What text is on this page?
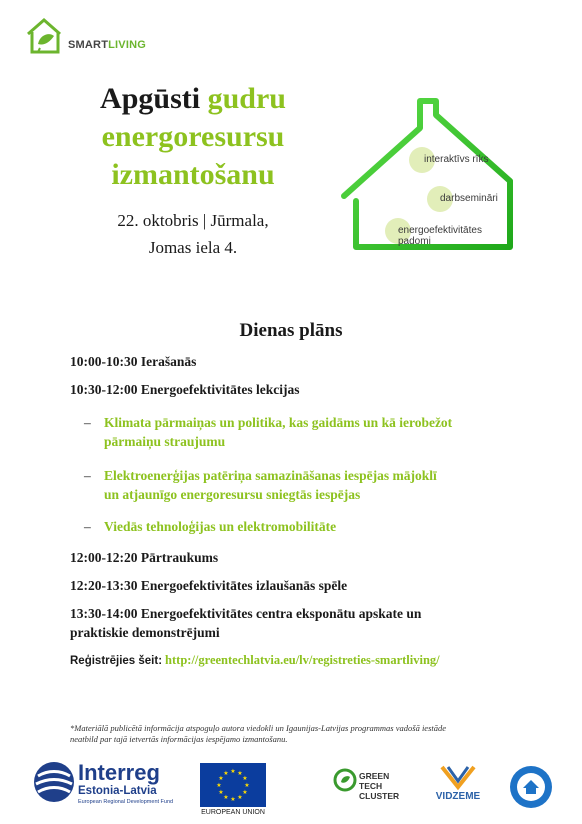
SMARTLIVING
Apgūsti gudru
energoresursu
izmantošanu
22. oktobris | Jūrmala,
Jomas iela 4.
interaktīvs rīks
darbsemināri
energoefektivitātes
padomi
Dienas plāns
10:00-10:30 Ierašanās
10:30-12:00 Energoefektivitātes lekcijas
– Klimata pārmaiņas un politika, kas gaidāms un kā ierobežot
pārmaiņu straujumu
– Elektroenerģijas patēriņa samazināšanas iespējas mājoklī
un atjaunīgo energoresursu sniegtās iespējas
– Viedās tehnoloģijas un elektromobilitāte
12:00-12:20 Pārtraukums
12:20-13:30 Energoefektivitātes izlaušanās spēle
13:30-14:00 Energoefektivitātes centra eksponātu apskate un
praktiskie demonstrējumi
Reģistrējies šeit: http://greentechlatvia.eu/lv/registreties-smartliving/
*Materiālā publicētā informācija atspoguļo autora viedokli un Igaunijas-Latvijas programmas vadošā iestāde
neatbild par tajā ietvertās informācijas iespējamo izmantošanu.
Interreg
Estonia-Latvia
European Regional Development Fund
★ ★
★
★
★
★
★
★
★
★
★
★
EUROPEAN UNION
GREEN TECH
CLUSTER	VIDZEME
